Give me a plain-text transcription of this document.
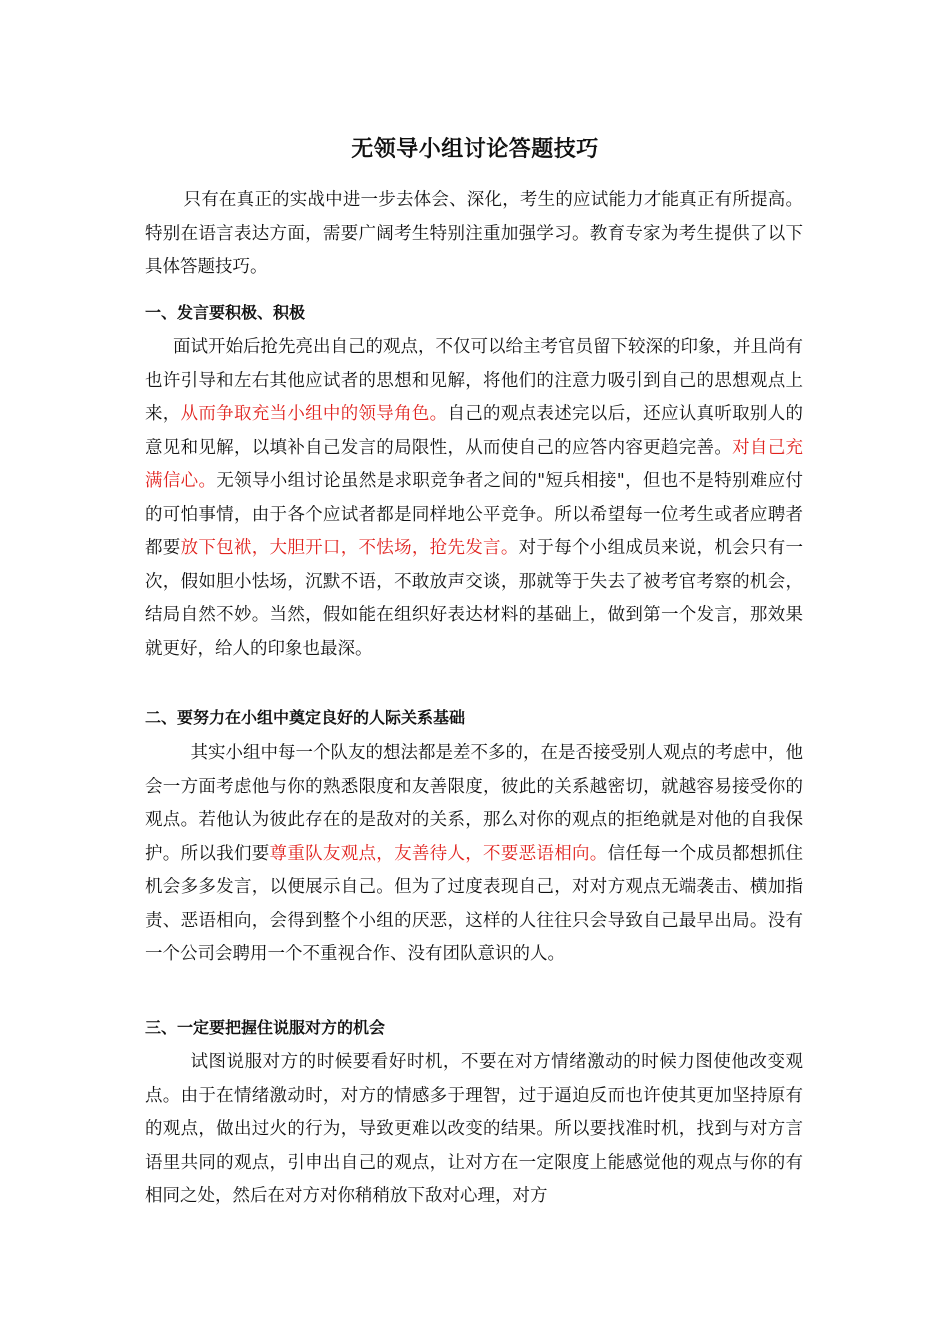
无领导小组讨论答题技巧
只有在真正的实战中进一步去体会、深化，考生的应试能力才能真正有所提高。特别在语言表达方面，需要广阔考生特别注重加强学习。教育专家为考生提供了以下具体答题技巧。
一、发言要积极、积极
面试开始后抢先亮出自己的观点，不仅可以给主考官员留下较深的印象，并且尚有也许引导和左右其他应试者的思想和见解，将他们的注意力吸引到自己的思想观点上来，从而争取充当小组中的领导角色。自己的观点表述完以后，还应认真听取别人的意见和见解，以填补自己发言的局限性，从而使自己的应答内容更趋完善。对自己充满信心。无领导小组讨论虽然是求职竞争者之间的"短兵相接"，但也不是特别难应付的可怕事情，由于各个应试者都是同样地公平竞争。所以希望每一位考生或者应聘者都要放下包袱，大胆开口，不怯场，抢先发言。对于每个小组成员来说，机会只有一次，假如胆小怯场，沉默不语，不敢放声交谈，那就等于失去了被考官考察的机会，结局自然不妙。当然，假如能在组织好表达材料的基础上，做到第一个发言，那效果就更好，给人的印象也最深。
二、要努力在小组中奠定良好的人际关系基础
其实小组中每一个队友的想法都是差不多的，在是否接受别人观点的考虑中，他会一方面考虑他与你的熟悉限度和友善限度，彼此的关系越密切，就越容易接受你的观点。若他认为彼此存在的是敌对的关系，那么对你的观点的拒绝就是对他的自我保护。所以我们要尊重队友观点，友善待人，不要恶语相向。信任每一个成员都想抓住机会多多发言，以便展示自己。但为了过度表现自己，对对方观点无端袭击、横加指责、恶语相向，会得到整个小组的厌恶，这样的人往往只会导致自己最早出局。没有一个公司会聘用一个不重视合作、没有团队意识的人。
三、一定要把握住说服对方的机会
试图说服对方的时候要看好时机，不要在对方情绪激动的时候力图使他改变观点。由于在情绪激动时，对方的情感多于理智，过于逼迫反而也许使其更加坚持原有的观点，做出过火的行为，导致更难以改变的结果。所以要找准时机，找到与对方言语里共同的观点，引申出自己的观点，让对方在一定限度上能感觉他的观点与你的有相同之处，然后在对方对你稍稍放下敌对心理，对方
